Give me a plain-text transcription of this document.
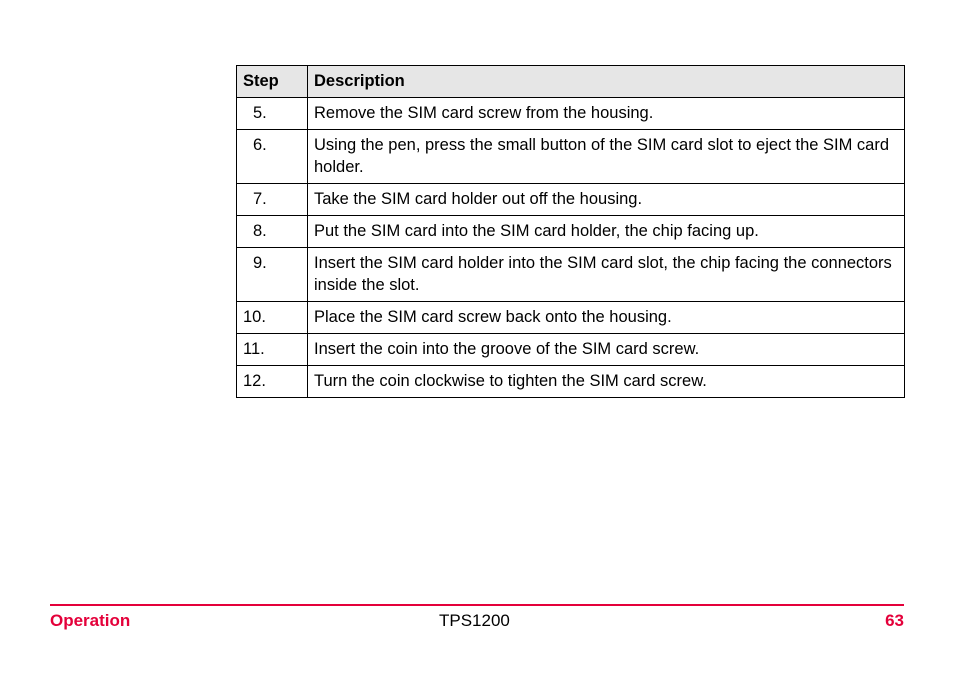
Step	Description
5.	Remove the SIM card screw from the housing.
6.	Using the pen, press the small button of the SIM card slot to eject the SIM card holder.
7.	Take the SIM card holder out off the housing.
8.	Put the SIM card into the SIM card holder, the chip facing up.
9.	Insert the SIM card holder into the SIM card slot, the chip facing the connectors inside the slot.
10.	Place the SIM card screw back onto the housing.
11.	Insert the coin into the groove of the SIM card screw.
12.	Turn the coin clockwise to tighten the SIM card screw.
Operation	TPS1200	63
